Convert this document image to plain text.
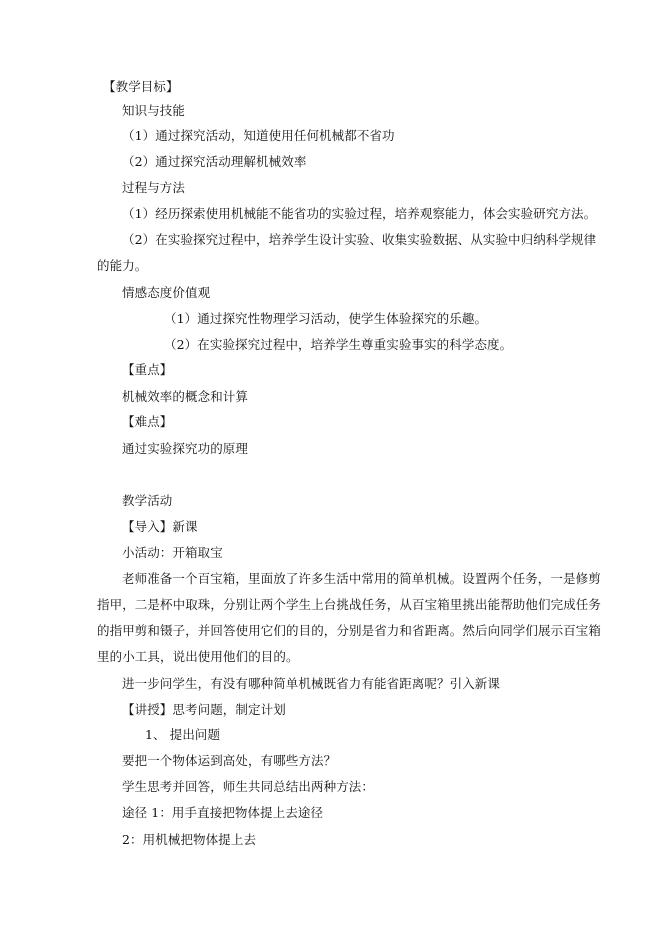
【教学目标】
知识与技能
（1）通过探究活动，知道使用任何机械都不省功
（2）通过探究活动理解机械效率
过程与方法
（1）经历探索使用机械能不能省功的实验过程，培养观察能力，体会实验研究方法。
（2）在实验探究过程中，培养学生设计实验、收集实验数据、从实验中归纳科学规律
的能力。
情感态度价值观
（1）通过探究性物理学习活动，使学生体验探究的乐趣。
（2）在实验探究过程中，培养学生尊重实验事实的科学态度。
【重点】
机械效率的概念和计算
【难点】
通过实验探究功的原理
教学活动
【导入】新课
小活动：开箱取宝
老师准备一个百宝箱，里面放了许多生活中常用的简单机械。设置两个任务，一是修剪
指甲，二是杯中取珠，分别让两个学生上台挑战任务，从百宝箱里挑出能帮助他们完成任务
的指甲剪和镊子，并回答使用它们的目的，分别是省力和省距离。然后向同学们展示百宝箱
里的小工具，说出使用他们的目的。
进一步问学生，有没有哪种简单机械既省力有能省距离呢？引入新课
【讲授】思考问题，制定计划
1、 提出问题
要把一个物体运到高处，有哪些方法？
学生思考并回答，师生共同总结出两种方法：
途径 1：用手直接把物体提上去途径
2：用机械把物体提上去
